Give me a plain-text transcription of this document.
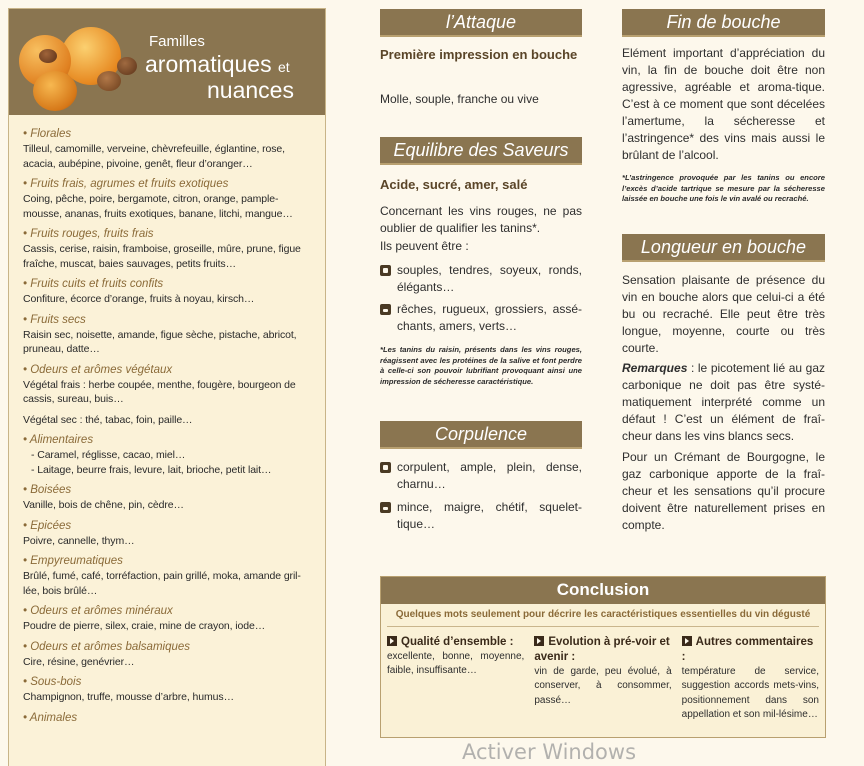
Familles
aromatiques et
nuances
• Florales
Tilleul, camomille, verveine, chèvrefeuille, églantine, rose, acacia, aubépine, pivoine, genêt, fleur d’oranger…
• Fruits frais, agrumes et fruits exotiques
Coing, pêche, poire, bergamote, citron, orange, pample-mousse, ananas, fruits exotiques, banane, litchi, mangue…
• Fruits rouges, fruits frais
Cassis, cerise, raisin, framboise, groseille, mûre, prune, figue fraîche, muscat, baies sauvages, petits fruits…
• Fruits cuits et fruits confits
Confiture, écorce d’orange, fruits à noyau, kirsch…
• Fruits secs
Raisin sec, noisette, amande, figue sèche, pistache, abricot, pruneau, datte…
• Odeurs et arômes végétaux
Végétal frais : herbe coupée, menthe, fougère, bourgeon de cassis, sureau, buis…
Végétal sec : thé, tabac, foin, paille…
• Alimentaires
- Caramel, réglisse, cacao, miel…
- Laitage, beurre frais, levure, lait, brioche, petit lait…
• Boisées
Vanille, bois de chêne, pin, cèdre…
• Epicées
Poivre, cannelle, thym…
• Empyreumatiques
Brûlé, fumé, café, torréfaction, pain grillé, moka, amande gril-lée, bois brûlé…
• Odeurs et arômes minéraux
Poudre de pierre, silex, craie, mine de crayon, iode…
• Odeurs et arômes balsamiques
Cire, résine, genévrier…
• Sous-bois
Champignon, truffe, mousse d’arbre, humus…
• Animales
l’Attaque
Première impression en bouche
Molle, souple, franche ou vive
Equilibre des Saveurs
Acide, sucré, amer, salé
Concernant les vins rouges, ne pas oublier de qualifier les tanins*.
Ils peuvent être :
souples, tendres, soyeux, ronds, élégants…
rêches, rugueux, grossiers, assé-chants, amers, verts…
*Les tanins du raisin, présents dans les vins rouges, réagissent avec les protéines de la salive et font perdre à celle-ci son pouvoir lubrifiant provoquant ainsi une impression de sécheresse caractéristique.
Corpulence
corpulent, ample, plein, dense, charnu…
mince, maigre, chétif, squelet-tique…
Fin de bouche
Elément important d’appréciation du vin, la fin de bouche doit être non agressive, agréable et aroma-tique. C’est à ce moment que sont décelées l’amertume, la sécheresse et l’astringence* des vins mais aussi le brûlant de l’alcool.
*L’astringence provoquée par les tanins ou encore l’excès d’acide tartrique se mesure par la sécheresse laissée en bouche une fois le vin avalé ou recraché.
Longueur en bouche
Sensation plaisante de présence du vin en bouche alors que celui-ci a été bu ou recraché. Elle peut être très longue, moyenne, courte ou très courte.
Remarques : le picotement lié au gaz carbonique ne doit pas être systé-matiquement interprété comme un défaut ! C’est un élément de fraî-cheur dans les vins blancs secs.
Pour un Crémant de Bourgogne, le gaz carbonique apporte de la fraî-cheur et les sensations qu’il procure doivent être naturellement prises en compte.
Conclusion
Quelques mots seulement pour décrire les caractéristiques essentielles du vin dégusté
Qualité d’ensemble :
excellente, bonne, moyenne, faible, insuffisante…
Evolution à pré-voir et avenir :
vin de garde, peu évolué, à conserver, à consommer, passé…
Autres commentaires :
température de service, suggestion accords mets-vins, positionnement dans son appellation et son mil-lésime…
Activer Windows
